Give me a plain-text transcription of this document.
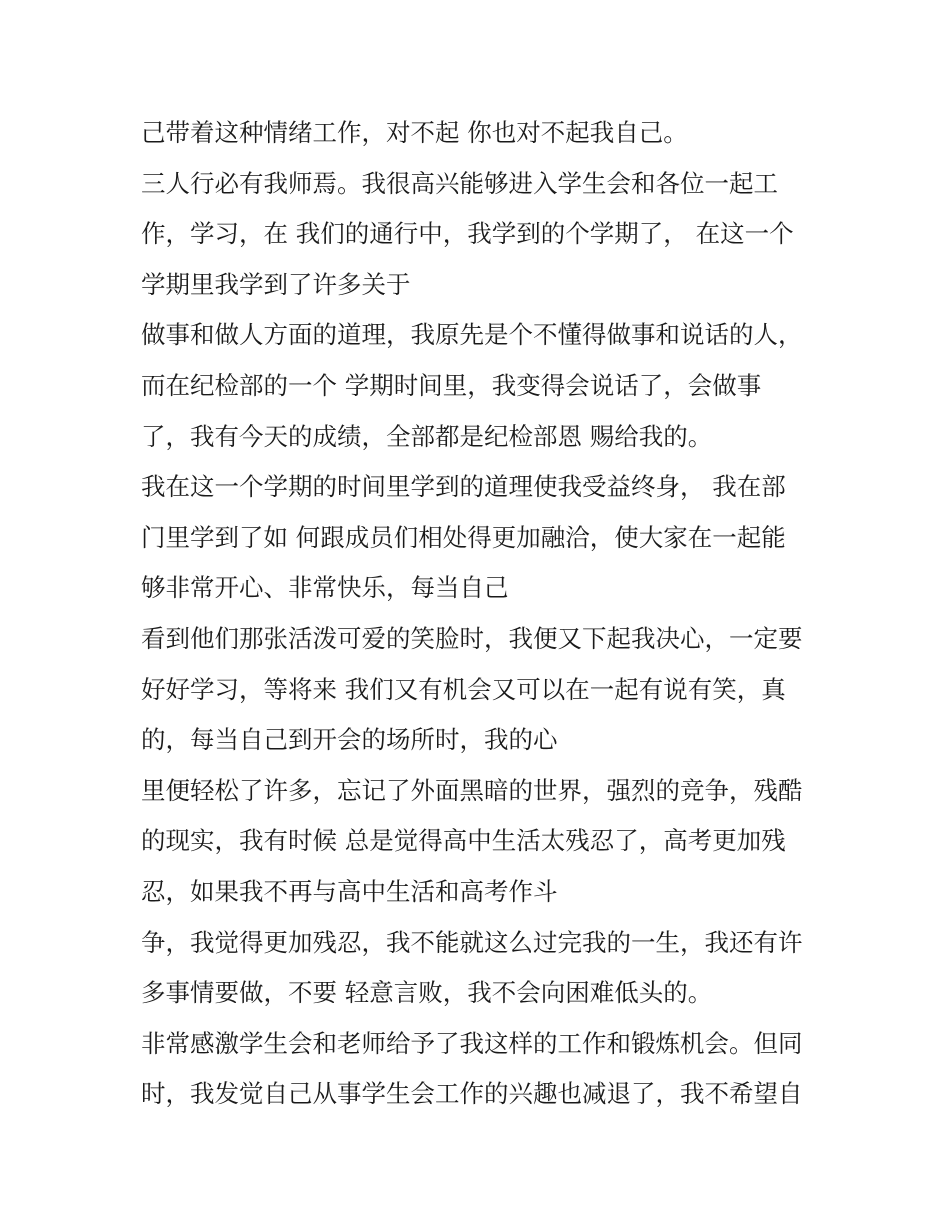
己带着这种情绪工作，对不起 你也对不起我自己。
三人行必有我师焉。我很高兴能够进入学生会和各位一起工
作，学习，在 我们的通行中，我学到的个学期了， 在这一个
学期里我学到了许多关于
做事和做人方面的道理，我原先是个不懂得做事和说话的人，
而在纪检部的一个 学期时间里，我变得会说话了，会做事
了，我有今天的成绩，全部都是纪检部恩 赐给我的。
我在这一个学期的时间里学到的道理使我受益终身， 我在部
门里学到了如 何跟成员们相处得更加融洽，使大家在一起能
够非常开心、非常快乐，每当自己
看到他们那张活泼可爱的笑脸时，我便又下起我决心，一定要
好好学习，等将来 我们又有机会又可以在一起有说有笑，真
的，每当自己到开会的场所时，我的心
里便轻松了许多，忘记了外面黑暗的世界，强烈的竞争，残酷
的现实，我有时候 总是觉得高中生活太残忍了，高考更加残
忍，如果我不再与高中生活和高考作斗
争，我觉得更加残忍，我不能就这么过完我的一生，我还有许
多事情要做，不要 轻意言败，我不会向困难低头的。
非常感激学生会和老师给予了我这样的工作和锻炼机会。但同
时，我发觉自己从事学生会工作的兴趣也减退了，我不希望自
